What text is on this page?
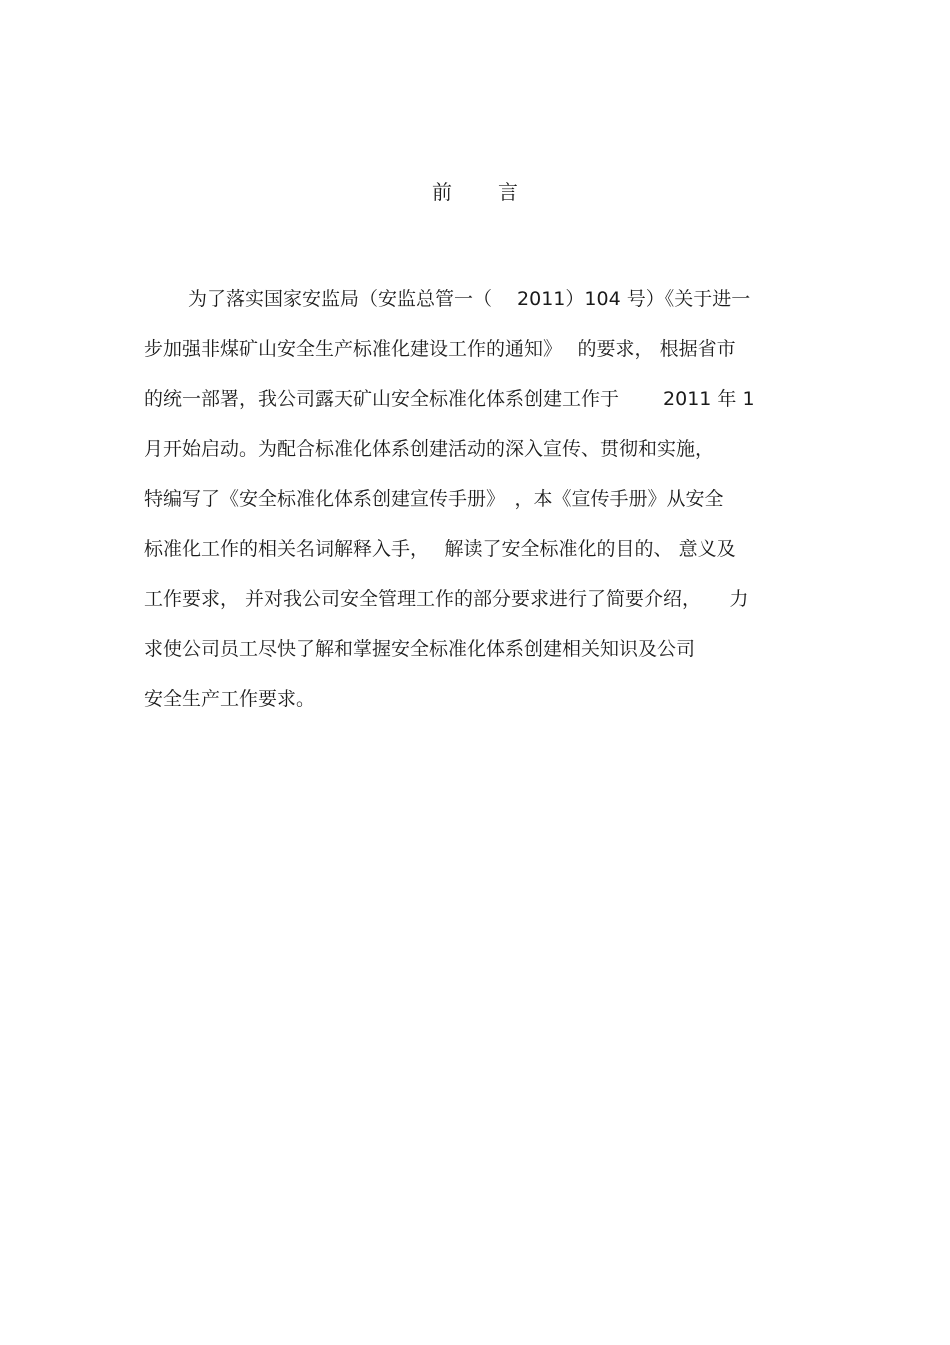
前 言
为了落实国家安监局（安监总管一（　 2011）104 号）《关于进一
步加强非煤矿山安全生产标准化建设工作的通知》　 的要求， 根据省市
的统一部署，我公司露天矿山安全标准化体系创建工作于　　 2011 年 1
月开始启动。为配合标准化体系创建活动的深入宣传、贯彻和实施，
特编写了《安全标准化体系创建宣传手册》　，本《宣传手册》从安全
标准化工作的相关名词解释入手，　 解读了安全标准化的目的、 意义及
工作要求， 并对我公司安全管理工作的部分要求进行了简要介绍，　　力
求使公司员工尽快了解和掌握安全标准化体系创建相关知识及公司
安全生产工作要求。
